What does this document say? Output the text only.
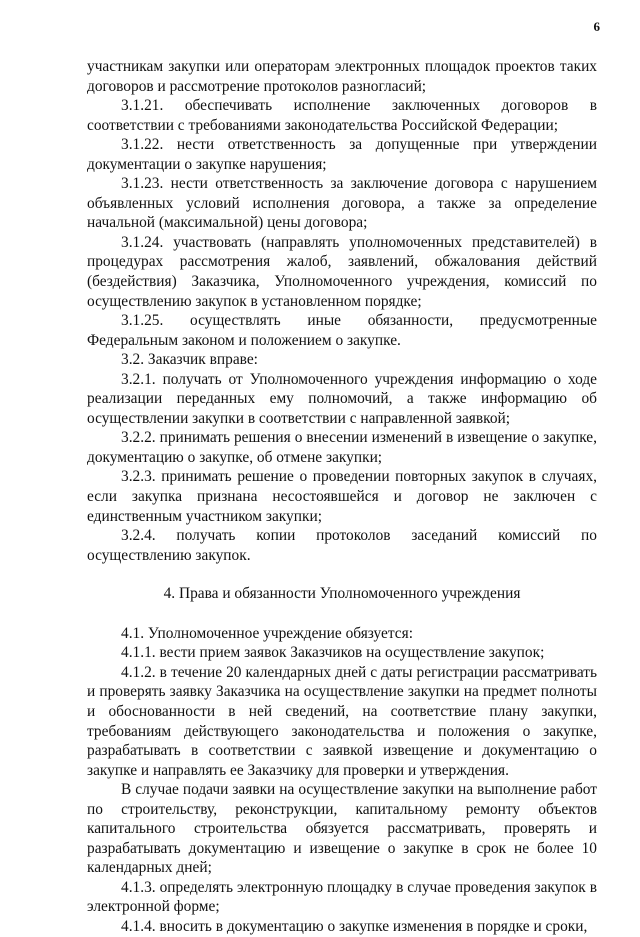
6

участникам закупки или операторам электронных площадок проектов таких договоров и рассмотрение протоколов разногласий;

3.1.21. обеспечивать исполнение заключенных договоров в соответствии с требованиями законодательства Российской Федерации;

3.1.22. нести ответственность за допущенные при утверждении документации о закупке нарушения;

3.1.23. нести ответственность за заключение договора с нарушением объявленных условий исполнения договора, а также за определение начальной (максимальной) цены договора;

3.1.24. участвовать (направлять уполномоченных представителей) в процедурах рассмотрения жалоб, заявлений, обжалования действий (бездействия) Заказчика, Уполномоченного учреждения, комиссий по осуществлению закупок в установленном порядке;

3.1.25. осуществлять иные обязанности, предусмотренные Федеральным законом и положением о закупке.

3.2. Заказчик вправе:

3.2.1. получать от Уполномоченного учреждения информацию о ходе реализации переданных ему полномочий, а также информацию об осуществлении закупки в соответствии с направленной заявкой;

3.2.2. принимать решения о внесении изменений в извещение о закупке, документацию о закупке, об отмене закупки;

3.2.3. принимать решение о проведении повторных закупок в случаях, если закупка признана несостоявшейся и договор не заключен с единственным участником закупки;

3.2.4. получать копии протоколов заседаний комиссий по осуществлению закупок.

4. Права и обязанности Уполномоченного учреждения

4.1. Уполномоченное учреждение обязуется:

4.1.1. вести прием заявок Заказчиков на осуществление закупок;

4.1.2. в течение 20 календарных дней с даты регистрации рассматривать и проверять заявку Заказчика на осуществление закупки на предмет полноты и обоснованности в ней сведений, на соответствие плану закупки, требованиям действующего законодательства и положения о закупке, разрабатывать в соответствии с заявкой извещение и документацию о закупке и направлять ее Заказчику для проверки и утверждения.

В случае подачи заявки на осуществление закупки на выполнение работ по строительству, реконструкции, капитальному ремонту объектов капитального строительства обязуется рассматривать, проверять и разрабатывать документацию и извещение о закупке в срок не более 10 календарных дней;

4.1.3. определять электронную площадку в случае проведения закупок в электронной форме;

4.1.4. вносить в документацию о закупке изменения в порядке и сроки,
